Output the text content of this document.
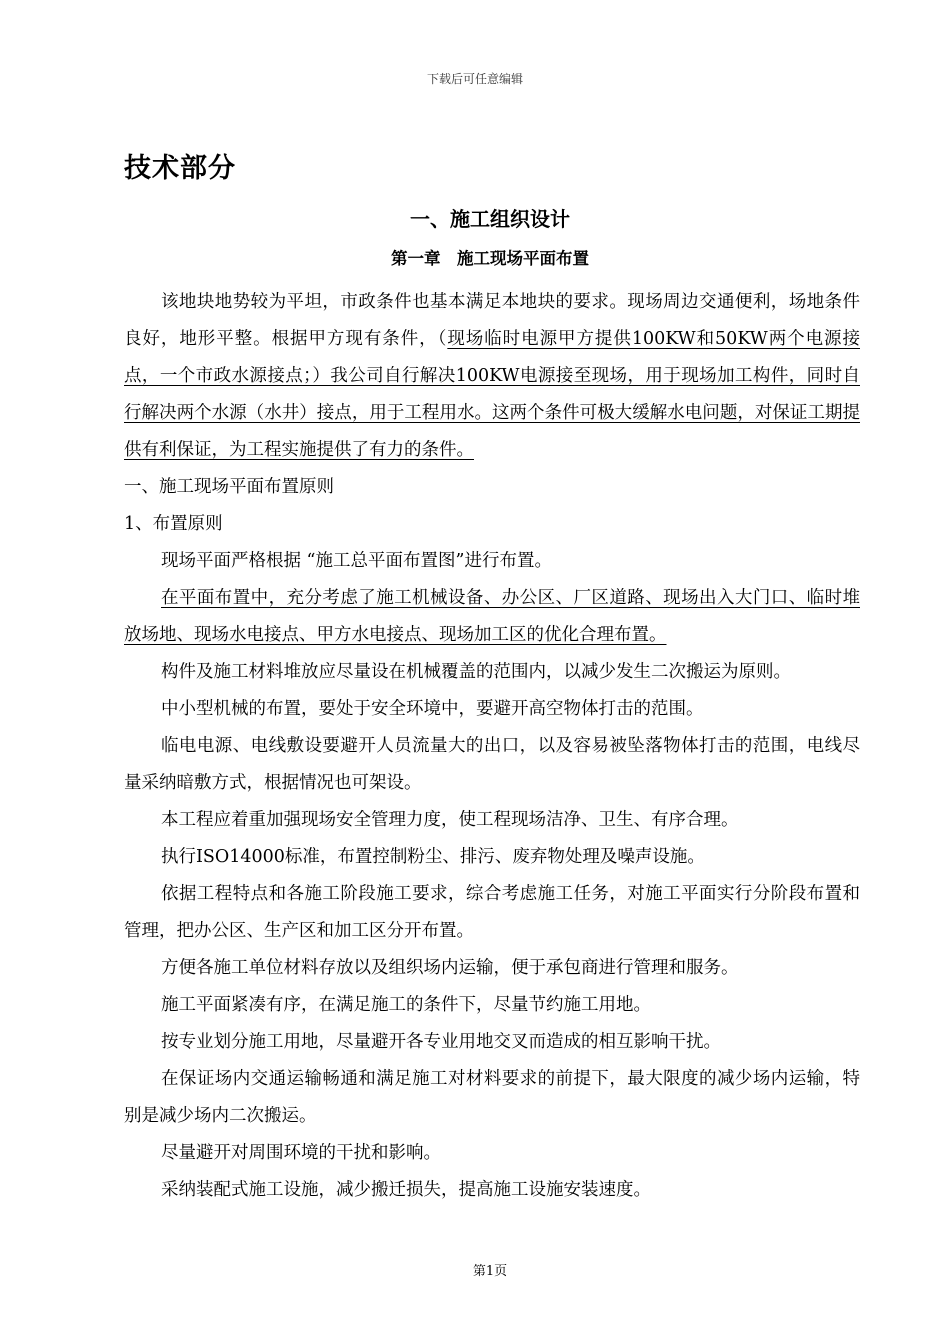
下载后可任意编辑
技术部分
一、施工组织设计
第一章　施工现场平面布置

该地块地势较为平坦，市政条件也基本满足本地块的要求。现场周边交通便利，场地条件良好，地形平整。根据甲方现有条件，（现场临时电源甲方提供100KW和50KW两个电源接点，一个市政水源接点；）我公司自行解决100KW电源接至现场，用于现场加工构件，同时自行解决两个水源（水井）接点，用于工程用水。这两个条件可极大缓解水电问题，对保证工期提供有利保证，为工程实施提供了有力的条件。

一、施工现场平面布置原则

1、布置原则

现场平面严格根据 “施工总平面布置图”进行布置。

在平面布置中，充分考虑了施工机械设备、办公区、厂区道路、现场出入大门口、临时堆放场地、现场水电接点、甲方水电接点、现场加工区的优化合理布置。

构件及施工材料堆放应尽量设在机械覆盖的范围内，以减少发生二次搬运为原则。

中小型机械的布置，要处于安全环境中，要避开高空物体打击的范围。

临电电源、电线敷设要避开人员流量大的出口，以及容易被坠落物体打击的范围，电线尽量采纳暗敷方式，根据情况也可架设。

本工程应着重加强现场安全管理力度，使工程现场洁净、卫生、有序合理。

执行ISO14000标准，布置控制粉尘、排污、废弃物处理及噪声设施。

依据工程特点和各施工阶段施工要求，综合考虑施工任务，对施工平面实行分阶段布置和管理，把办公区、生产区和加工区分开布置。

方便各施工单位材料存放以及组织场内运输，便于承包商进行管理和服务。

施工平面紧凑有序，在满足施工的条件下，尽量节约施工用地。

按专业划分施工用地，尽量避开各专业用地交叉而造成的相互影响干扰。

在保证场内交通运输畅通和满足施工对材料要求的前提下，最大限度的减少场内运输，特别是减少场内二次搬运。

尽量避开对周围环境的干扰和影响。

采纳装配式施工设施，减少搬迁损失，提高施工设施安装速度。

第1页
